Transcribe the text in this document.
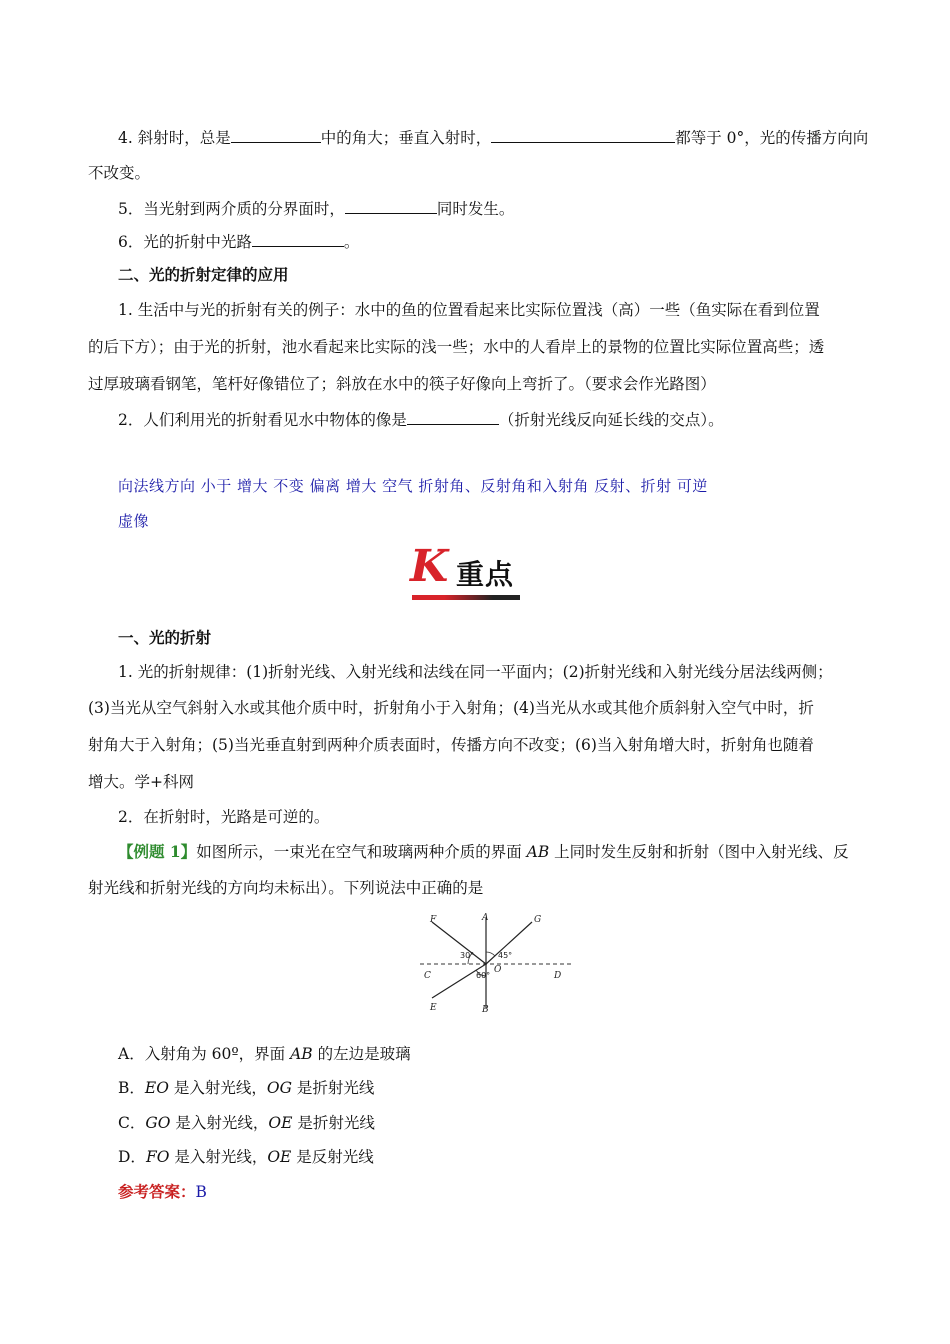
4. 斜射时，总是	中的角大；垂直入射时，	都等于 0°，光的传播方向向
不改变。
5．当光射到两介质的分界面时，	同时发生。
6．光的折射中光路	。
二、光的折射定律的应用
1. 生活中与光的折射有关的例子：水中的鱼的位置看起来比实际位置浅（高）一些（鱼实际在看到位置
的后下方）；由于光的折射，池水看起来比实际的浅一些；水中的人看岸上的景物的位置比实际位置高些；透
过厚玻璃看钢笔，笔杆好像错位了；斜放在水中的筷子好像向上弯折了。（要求会作光路图）
2．人们利用光的折射看见水中物体的像是	（折射光线反向延长线的交点）。
向法线方向 小于 增大 不变 偏离 增大 空气 折射角、反射角和入射角 反射、折射 可逆
虚像
K 重点
一、光的折射
1. 光的折射规律：(1)折射光线、入射光线和法线在同一平面内；(2)折射光线和入射光线分居法线两侧；
(3)当光从空气斜射入水或其他介质中时，折射角小于入射角；(4)当光从水或其他介质斜射入空气中时，折
射角大于入射角；(5)当光垂直射到两种介质表面时，传播方向不改变；(6)当入射角增大时，折射角也随着
增大。学+科网
2．在折射时，光路是可逆的。
【例题 1】如图所示，一束光在空气和玻璃两种介质的界面 AB 上同时发生反射和折射（图中入射光线、反
射光线和折射光线的方向均未标出）。下列说法中正确的是
F	A	G
C
O
D
E	B
30°	45°
60°
A．入射角为 60º，界面 AB 的左边是玻璃
B．EO 是入射光线，OG 是折射光线
C．GO 是入射光线，OE 是折射光线
D．FO 是入射光线，OE 是反射光线
参考答案：B
